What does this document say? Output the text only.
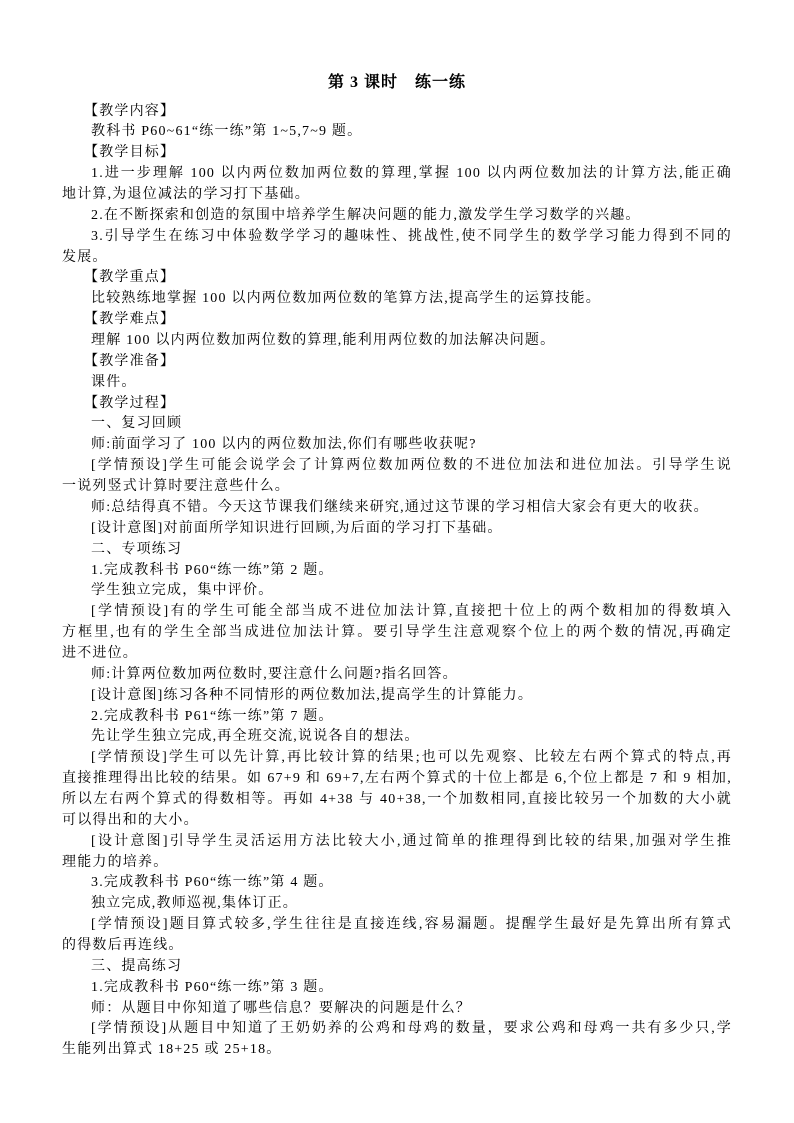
第 3 课时　练一练
【教学内容】
教科书 P60~61“练一练”第 1~5,7~9 题。
【教学目标】
1.进一步理解 100 以内两位数加两位数的算理,掌握 100 以内两位数加法的计算方法,能正确
地计算,为退位减法的学习打下基础。
2.在不断探索和创造的氛围中培养学生解决问题的能力,激发学生学习数学的兴趣。
3.引导学生在练习中体验数学学习的趣味性、挑战性,使不同学生的数学学习能力得到不同的
发展。
【教学重点】
比较熟练地掌握 100 以内两位数加两位数的笔算方法,提高学生的运算技能。
【教学难点】
理解 100 以内两位数加两位数的算理,能利用两位数的加法解决问题。
【教学准备】
课件。
【教学过程】
一、复习回顾
师:前面学习了 100 以内的两位数加法,你们有哪些收获呢?
[学情预设]学生可能会说学会了计算两位数加两位数的不进位加法和进位加法。引导学生说
一说列竖式计算时要注意些什么。
师:总结得真不错。今天这节课我们继续来研究,通过这节课的学习相信大家会有更大的收获。
[设计意图]对前面所学知识进行回顾,为后面的学习打下基础。
二、专项练习
1.完成教科书 P60“练一练”第 2 题。
学生独立完成，集中评价。
[学情预设]有的学生可能全部当成不进位加法计算,直接把十位上的两个数相加的得数填入
方框里,也有的学生全部当成进位加法计算。要引导学生注意观察个位上的两个数的情况,再确定
进不进位。
师:计算两位数加两位数时,要注意什么问题?指名回答。
[设计意图]练习各种不同情形的两位数加法,提高学生的计算能力。
2.完成教科书 P61“练一练”第 7 题。
先让学生独立完成,再全班交流,说说各自的想法。
[学情预设]学生可以先计算,再比较计算的结果;也可以先观察、比较左右两个算式的特点,再
直接推理得出比较的结果。如 67+9 和 69+7,左右两个算式的十位上都是 6,个位上都是 7 和 9 相加,
所以左右两个算式的得数相等。再如 4+38 与 40+38,一个加数相同,直接比较另一个加数的大小就
可以得出和的大小。
[设计意图]引导学生灵活运用方法比较大小,通过简单的推理得到比较的结果,加强对学生推
理能力的培养。
3.完成教科书 P60“练一练”第 4 题。
独立完成,教师巡视,集体订正。
[学情预设]题目算式较多,学生往往是直接连线,容易漏题。提醒学生最好是先算出所有算式
的得数后再连线。
三、提高练习
1.完成教科书 P60“练一练”第 3 题。
师：从题目中你知道了哪些信息？要解决的问题是什么？
[学情预设]从题目中知道了王奶奶养的公鸡和母鸡的数量，要求公鸡和母鸡一共有多少只,学
生能列出算式 18+25 或 25+18。
